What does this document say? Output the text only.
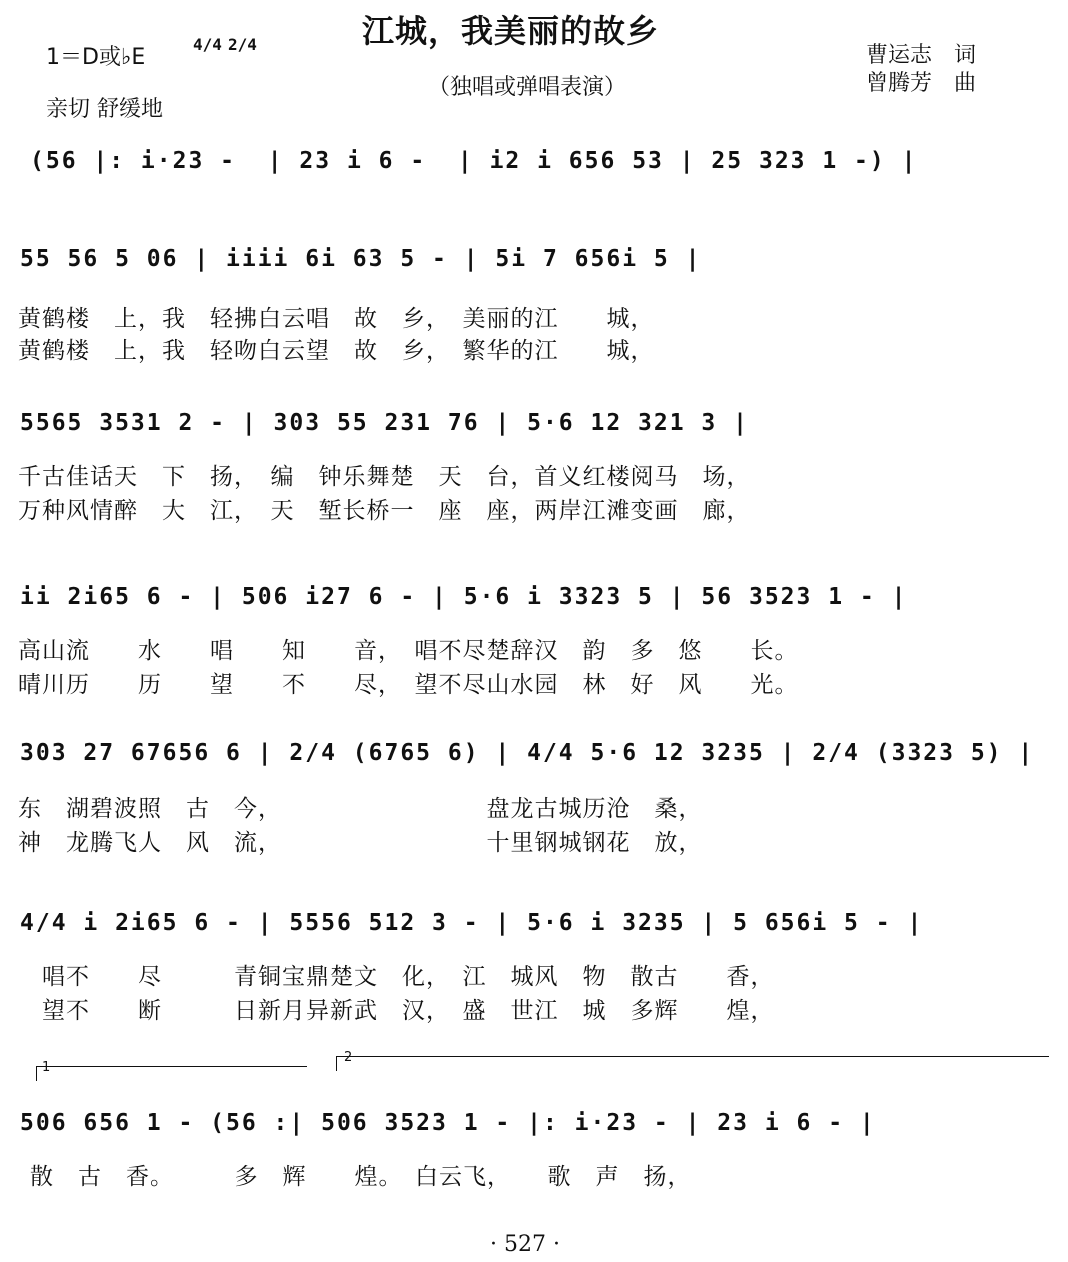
江城，我美丽的故乡
（独唱或弹唱表演）
曹运志　词
曾腾芳　曲
1＝D或♭E
4/4 2/4
亲切 舒缓地
(56 |: i·23 -  | 23 i 6 -  | i2 i 656 53 | 25 323 1 -) |
55 56 5 06 | iiii 6i 63 5 - | 5i 7 656i 5 |
黄鹤楼　上，我　轻拂白云唱　故　乡，　美丽的江　　城，
黄鹤楼　上，我　轻吻白云望　故　乡，　繁华的江　　城，
5565 3531 2 - | 303 55 231 76 | 5·6 12 321 3 |
千古佳话天　下　扬，　编　钟乐舞楚　天　台，首义红楼阅马　场，
万种风情醉　大　江，　天　堑长桥一　座　座，两岸江滩变画　廊，
ii 2i65 6 - | 506 i27 6 - | 5·6 i 3323 5 | 56 3523 1 - |
高山流　　水　　唱　　知　　音，　唱不尽楚辞汉　韵　多　悠　　长。
晴川历　　历　　望　　不　　尽，　望不尽山水园　林　好　风　　光。
303 27 67656 6 | 2/4 (6765 6) | 4/4 5·6 12 3235 | 2/4 (3323 5) |
东　湖碧波照　古　今，　　　　　　　　　盘龙古城历沧　桑，
神　龙腾飞人　风　流，　　　　　　　　　十里钢城钢花　放，
4/4 i 2i65 6 - | 5556 512 3 - | 5·6 i 3235 | 5 656i 5 - |
　唱不　　尽　　　青铜宝鼎楚文　化，　江　城风　物　散古　　香，
　望不　　断　　　日新月异新武　汉，　盛　世江　城　多辉　　煌，
1
2
506 656 1 - (56 :| 506 3523 1 - |: i·23 - | 23 i 6 - |
散　古　香。　　　多　辉　　煌。　白云飞，　　歌　声　扬，
· 527 ·
